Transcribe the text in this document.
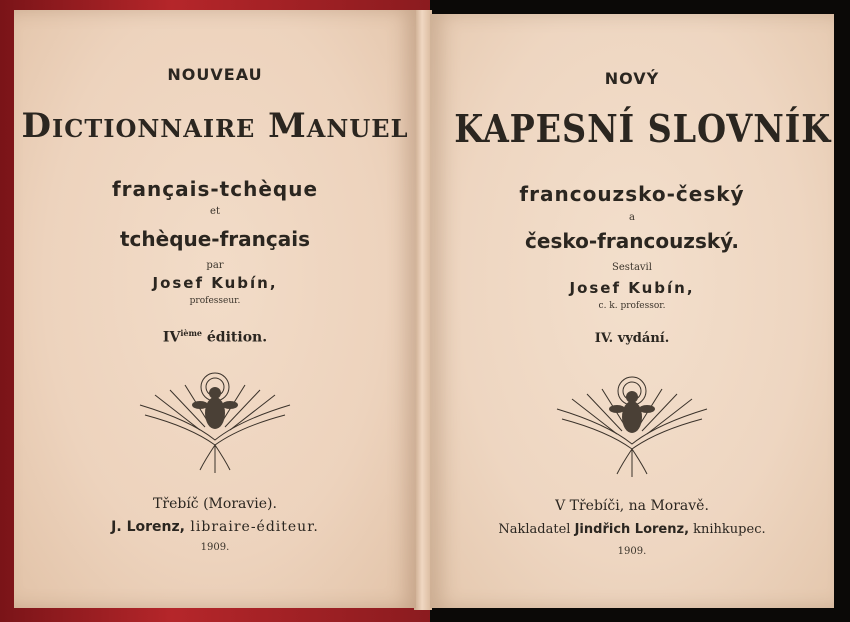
NOUVEAU
Dictionnaire Manuel
français-tchèque
et
tchèque-français
par
Josef Kubín,
professeur.
IVième édition.
Třebíč (Moravie).
J. Lorenz, libraire-éditeur.
1909.
NOVÝ
KAPESNÍ SLOVNÍK
francouzsko-český
a
česko-francouzský.
Sestavil
Josef Kubín,
c. k. professor.
IV. vydání.
V Třebíči, na Moravě.
Nakladatel Jindřich Lorenz, knihkupec.
1909.
